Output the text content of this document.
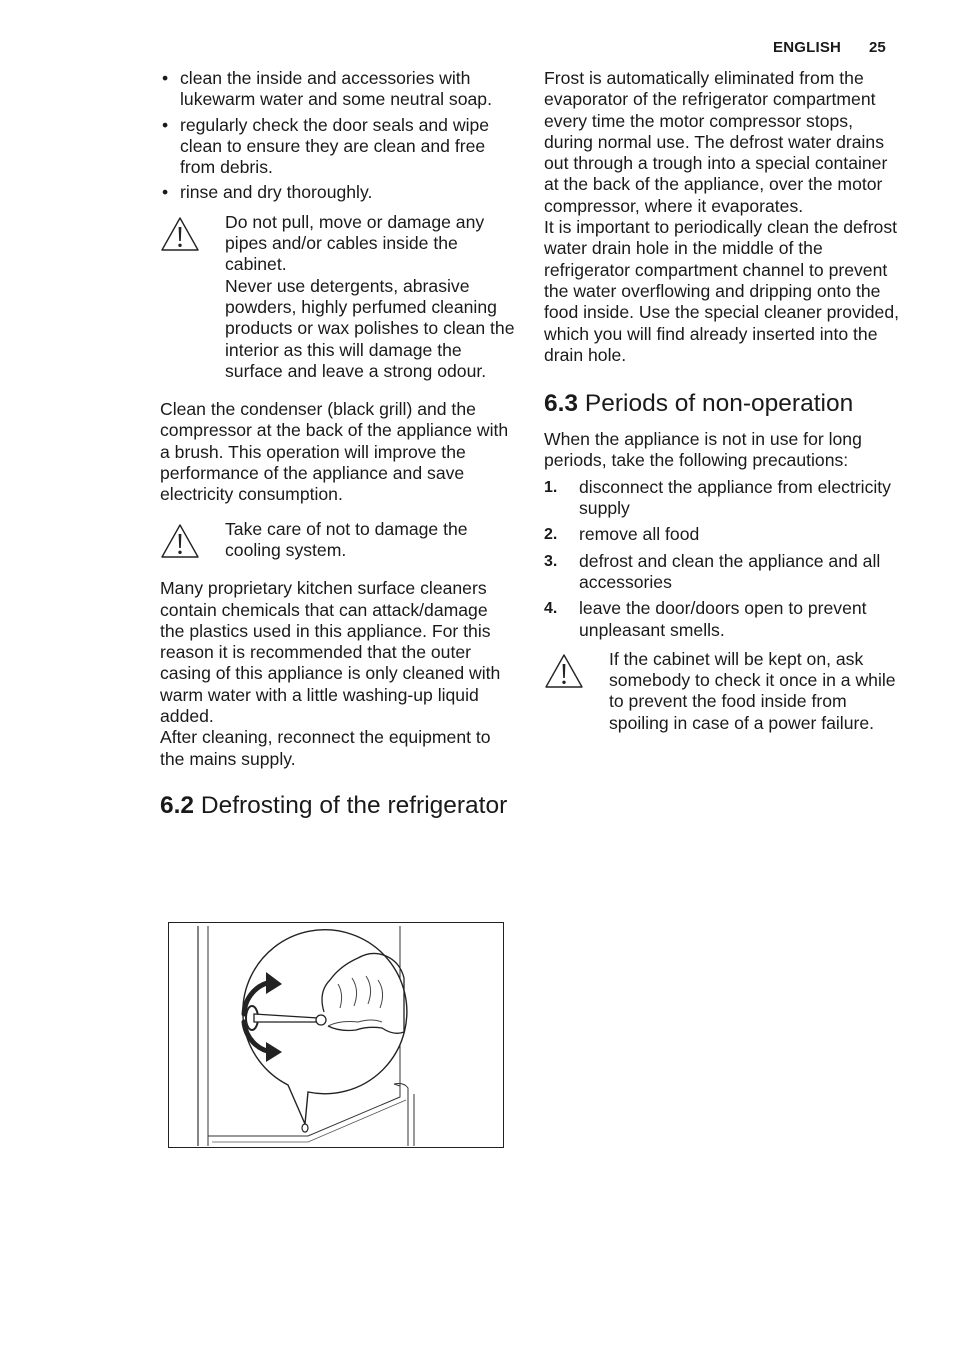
ENGLISH 25
• clean the inside and accessories with lukewarm water and some neutral soap.
• regularly check the door seals and wipe clean to ensure they are clean and free from debris.
• rinse and dry thoroughly.

Do not pull, move or damage any pipes and/or cables inside the cabinet.

Never use detergents, abrasive powders, highly perfumed cleaning products or wax polishes to clean the interior as this will damage the surface and leave a strong odour.

Clean the condenser (black grill) and the compressor at the back of the appliance with a brush. This operation will improve the performance of the appliance and save electricity consumption.

Take care of not to damage the cooling system.

Many proprietary kitchen surface cleaners contain chemicals that can attack/damage the plastics used in this appliance. For this reason it is recommended that the outer casing of this appliance is only cleaned with warm water with a little washing-up liquid added.

After cleaning, reconnect the equipment to the mains supply.

6.2 Defrosting of the refrigerator

Frost is automatically eliminated from the evaporator of the refrigerator compartment every time the motor compressor stops, during normal use. The defrost water drains out through a trough into a special container at the back of the appliance, over the motor compressor, where it evaporates.

It is important to periodically clean the defrost water drain hole in the middle of the refrigerator compartment channel to prevent the water overflowing and dripping onto the food inside. Use the special cleaner provided, which you will find already inserted into the drain hole.

6.3 Periods of non-operation

When the appliance is not in use for long periods, take the following precautions:

1. disconnect the appliance from electricity supply
2. remove all food
3. defrost and clean the appliance and all accessories
4. leave the door/doors open to prevent unpleasant smells.

If the cabinet will be kept on, ask somebody to check it once in a while to prevent the food inside from spoiling in case of a power failure.
